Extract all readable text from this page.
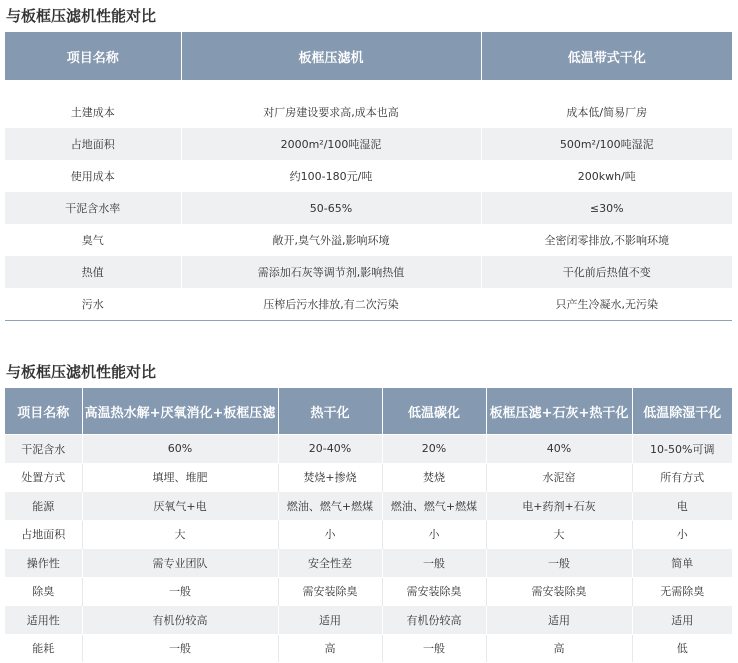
与板框压滤机性能对比
项目名称	板框压滤机	低温带式干化

土建成本	对厂房建设要求高,成本也高	成本低/简易厂房
占地面积	2000m²/100吨湿泥	500m²/100吨湿泥
使用成本	约100-180元/吨	200kwh/吨
干泥含水率	50-65%	≤30%
臭气	敞开,臭气外溢,影响环境	全密闭零排放,不影响环境
热值	需添加石灰等调节剂,影响热值	干化前后热值不变
污水	压榨后污水排放,有二次污染	只产生冷凝水,无污染
与板框压滤机性能对比
项目名称	高温热水解+厌氧消化+板框压滤	热干化	低温碳化	板框压滤+石灰+热干化	低温除湿干化
干泥含水	60%	20-40%	20%	40%	10-50%可调
处置方式	填埋、堆肥	焚烧+掺烧	焚烧	水泥窑	所有方式
能源	厌氧气+电	燃油、燃气+燃煤	燃油、燃气+燃煤	电+药剂+石灰	电
占地面积	大	小	小	大	小
操作性	需专业团队	安全性差	一般	一般	简单
除臭	一般	需安装除臭	需安装除臭	需安装除臭	无需除臭
适用性	有机份较高	适用	有机份较高	适用	适用
能耗	一般	高	一般	高	低
